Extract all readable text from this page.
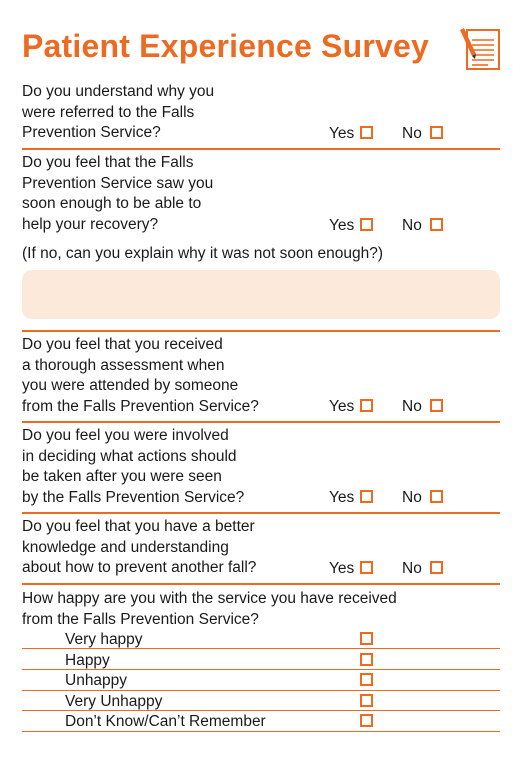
Patient Experience Survey
Do you understand why you
were referred to the Falls
Prevention Service?	Yes	No
Do you feel that the Falls
Prevention Service saw you
soon enough to be able to
help your recovery?	Yes	No
(If no, can you explain why it was not soon enough?)
Do you feel that you received
a thorough assessment when
you were attended by someone
from the Falls Prevention Service?	Yes	No
Do you feel you were involved
in deciding what actions should
be taken after you were seen
by the Falls Prevention Service?	Yes	No
Do you feel that you have a better
knowledge and understanding
about how to prevent another fall?	Yes	No
How happy are you with the service you have received
from the Falls Prevention Service?
Very happy
Happy
Unhappy
Very Unhappy
Don’t Know/Can’t Remember
